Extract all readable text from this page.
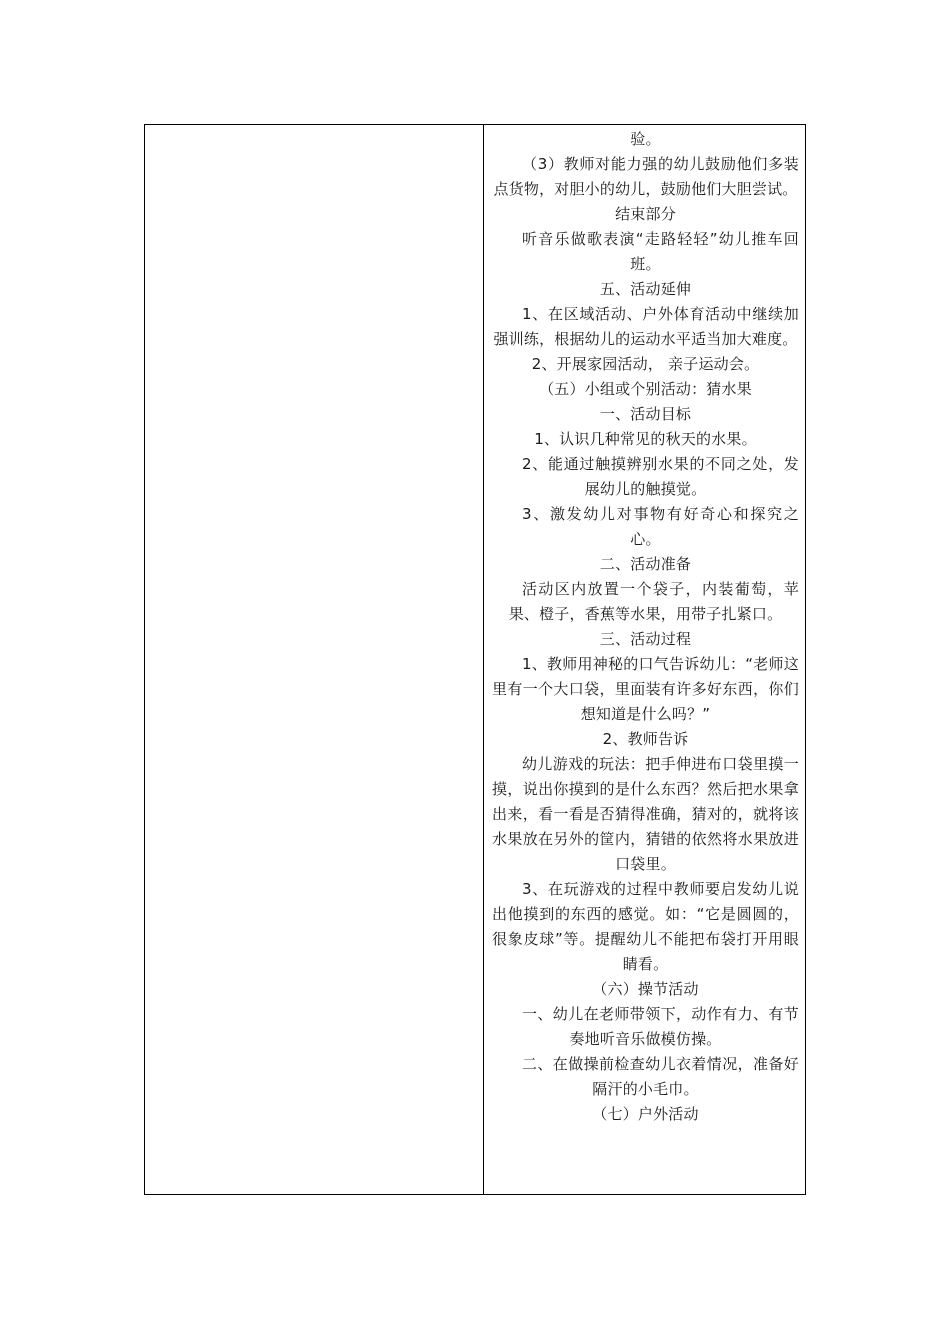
验。

（3）教师对能力强的幼儿鼓励他们多装点货物，对胆小的幼儿，鼓励他们大胆尝试。

结束部分

听音乐做歌表演“走路轻轻”幼儿推车回班。

五、活动延伸

1、在区域活动、户外体育活动中继续加强训练，根据幼儿的运动水平适当加大难度。

2、开展家园活动， 亲子运动会。

（五）小组或个别活动：猜水果

一、活动目标

1、认识几种常见的秋天的水果。

2、能通过触摸辨别水果的不同之处，发展幼儿的触摸觉。

3、激发幼儿对事物有好奇心和探究之心。

二、活动准备

活动区内放置一个袋子，内装葡萄，苹果、橙子，香蕉等水果，用带子扎紧口。

三、活动过程

1、教师用神秘的口气告诉幼儿：“老师这里有一个大口袋，里面装有许多好东西，你们想知道是什么吗？”

2、教师告诉

幼儿游戏的玩法：把手伸进布口袋里摸一摸，说出你摸到的是什么东西？然后把水果拿出来，看一看是否猜得准确，猜对的，就将该水果放在另外的筐内，猜错的依然将水果放进口袋里。

3、在玩游戏的过程中教师要启发幼儿说出他摸到的东西的感觉。如：“它是圆圆的，很象皮球”等。提醒幼儿不能把布袋打开用眼睛看。

（六）操节活动

一、幼儿在老师带领下，动作有力、有节奏地听音乐做模仿操。

二、在做操前检查幼儿衣着情况，准备好隔汗的小毛巾。

（七）户外活动
